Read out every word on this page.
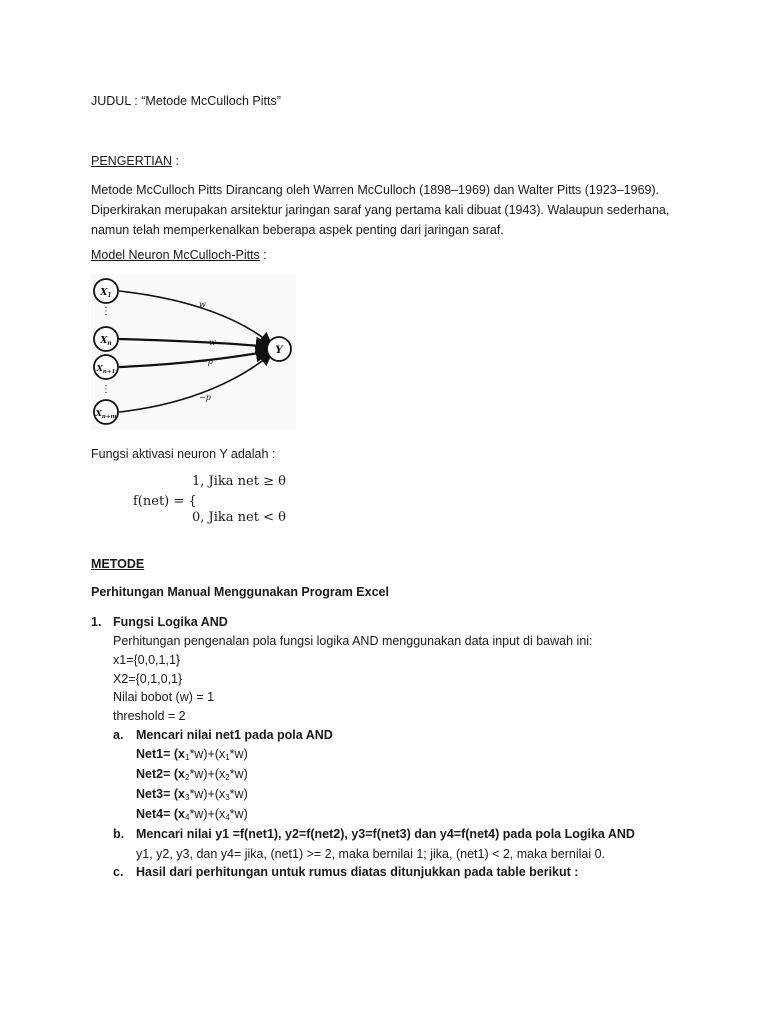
JUDUL : “Metode McCulloch Pitts”
PENGERTIAN :
Metode McCulloch Pitts Dirancang oleh Warren McCulloch (1898–1969) dan Walter Pitts (1923–1969). Diperkirakan merupakan arsitektur jaringan saraf yang pertama kali dibuat (1943). Walaupun sederhana, namun telah memperkenalkan beberapa aspek penting dari jaringan saraf.
Model Neuron McCulloch-Pitts :
⋮
⋮
$X_1$
$X_n$
$X_{n+1}$
$X_{n+m}$
Y
w
w
−p
−p
Fungsi aktivasi neuron Y adalah :
1, Jika net ≥ θ
f(net) = {
0, Jika net < θ
METODE
Perhitungan Manual Menggunakan Program Excel
1. Fungsi Logika AND
Perhitungan pengenalan pola fungsi logika AND menggunakan data input di bawah ini:
x1={0,0,1,1}
X2={0,1,0,1}
Nilai bobot (w) = 1
threshold = 2
a. Mencari nilai net1 pada pola AND
$Net1= (x_1*w)+(x_1*w)$
$Net2= (x_2*w)+(x_2*w)$
$Net3= (x_3*w)+(x_3*w)$
$Net4= (x_4*w)+(x_4*w)$
b. Mencari nilai y1 =f(net1), y2=f(net2), y3=f(net3) dan y4=f(net4) pada pola Logika AND
y1, y2, y3, dan y4= jika, (net1) >= 2, maka bernilai 1; jika, (net1) < 2, maka bernilai 0.
c. Hasil dari perhitungan untuk rumus diatas ditunjukkan pada table berikut :
